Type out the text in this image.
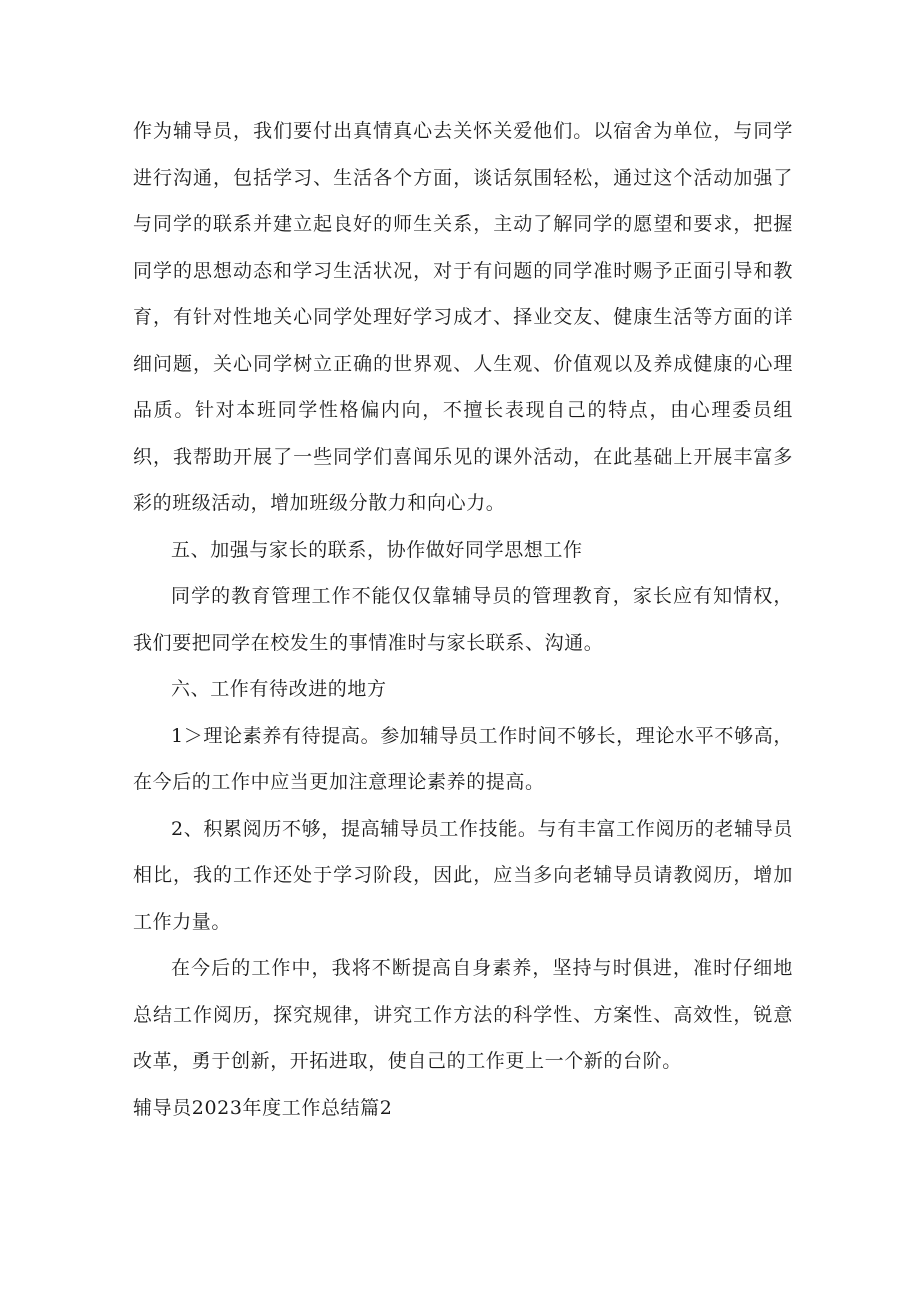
作为辅导员，我们要付出真情真心去关怀关爱他们。以宿舍为单位，与同学进行沟通，包括学习、生活各个方面，谈话氛围轻松，通过这个活动加强了与同学的联系并建立起良好的师生关系，主动了解同学的愿望和要求，把握同学的思想动态和学习生活状况，对于有问题的同学准时赐予正面引导和教育，有针对性地关心同学处理好学习成才、择业交友、健康生活等方面的详细问题，关心同学树立正确的世界观、人生观、价值观以及养成健康的心理品质。针对本班同学性格偏内向，不擅长表现自己的特点，由心理委员组织，我帮助开展了一些同学们喜闻乐见的课外活动，在此基础上开展丰富多彩的班级活动，增加班级分散力和向心力。

五、加强与家长的联系，协作做好同学思想工作

同学的教育管理工作不能仅仅靠辅导员的管理教育，家长应有知情权，我们要把同学在校发生的事情准时与家长联系、沟通。

六、工作有待改进的地方

1＞理论素养有待提高。参加辅导员工作时间不够长，理论水平不够高，在今后的工作中应当更加注意理论素养的提高。

2、积累阅历不够，提高辅导员工作技能。与有丰富工作阅历的老辅导员相比，我的工作还处于学习阶段，因此，应当多向老辅导员请教阅历，增加工作力量。

在今后的工作中，我将不断提高自身素养，坚持与时俱进，准时仔细地总结工作阅历，探究规律，讲究工作方法的科学性、方案性、高效性，锐意改革，勇于创新，开拓进取，使自己的工作更上一个新的台阶。

辅导员2023年度工作总结篇2
